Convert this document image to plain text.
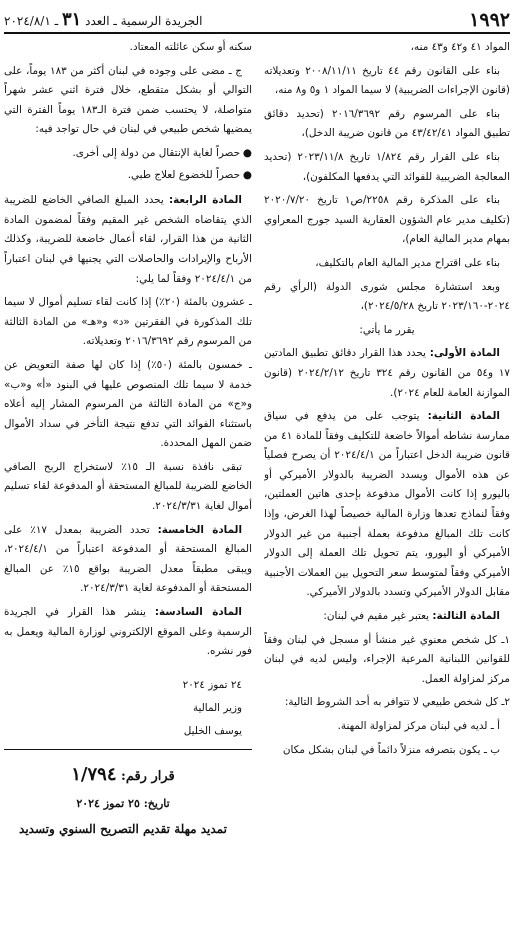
١٩٩٢
الجريدة الرسمية ـ العدد ٣١ ـ ٢٠٢٤/٨/١

المواد ٤١ و٤٢ و٤٣ منه،

بناء على القانون رقم ٤٤ تاريخ ٢٠٠٨/١١/١١ وتعديلاته (قانون الإجراءات الضريبية) لا سيما المواد ١ و٥ و٨ منه،

بناء على المرسوم رقم ٢٠١٦/٣٦٩٢ (تحديد دقائق تطبيق المواد ٤٣/٤٢/٤١ من قانون ضريبة الدخل)،

بناء على القرار رقم ١/٨٢٤ تاريخ ٢٠٢٣/١١/٨ (تحديد المعالجة الضريبية للفوائد التي يدفعها المكلفون)،

بناء على المذكرة رقم ٢٢٥٨/ص١ تاريخ ٢٠٢٠/٧/٢٠ (تكليف مدير عام الشؤون العقارية السيد جورج المعراوي بمهام مدير المالية العام)،

بناء على اقتراح مدير المالية العام بالتكليف،

وبعد استشارة مجلس شورى الدولة (الرأي رقم ٢٠٢٤-٢٠٢٣/١٦٠ تاريخ ٢٠٢٤/٥/٢٨)،

يقرر ما يأتي:

المادة الأولى: يحدد هذا القرار دقائق تطبيق المادتين ١٧ و٥٤ من القانون رقم ٣٢٤ تاريخ ٢٠٢٤/٢/١٢ (قانون الموازنة العامة للعام ٢٠٢٤).

المادة الثانية: يتوجب على من يدفع في سياق ممارسة نشاطه أموالاً خاضعة للتكليف وفقاً للمادة ٤١ من قانون ضريبة الدخل اعتباراً من ٢٠٢٤/٤/١ أن يصرح فصلياً عن هذه الأموال ويسدد الضريبة بالدولار الأميركي أو باليورو إذا كانت الأموال مدفوعة بإحدى هاتين العملتين، وفقاً لنماذج تعدها وزارة المالية خصيصاً لهذا الغرض، وإذا كانت تلك المبالغ مدفوعة بعملة أجنبية من غير الدولار الأميركي أو اليورو، يتم تحويل تلك العملة إلى الدولار الأميركي وفقاً لمتوسط سعر التحويل بين العملات الأجنبية مقابل الدولار الأميركي وتسدد بالدولار الأميركي.

المادة الثالثة: يعتبر غير مقيم في لبنان:

١ـ كل شخص معنوي غير منشأ أو مسجل في لبنان وفقاً للقوانين اللبنانية المرعية الإجراء، وليس لديه في لبنان مركز لمزاولة العمل.

٢ـ كل شخص طبيعي لا تتوافر به أحد الشروط التالية:

أ ـ لديه في لبنان مركز لمزاولة المهنة.

ب ـ يكون بتصرفه منزلاً دائماً في لبنان بشكل مكان

سكنه أو سكن عائلته المعتاد.

ج ـ مضى على وجوده في لبنان أكثر من ١٨٣ يوماً، على التوالي أو بشكل متقطع، خلال فترة اثني عشر شهراً متواصلة، لا يحتسب ضمن فترة الـ١٨٣ يوماً الفترة التي يمضيها شخص طبيعي في لبنان في حال تواجد فيه:

●
حصراً لغاية الإنتقال من دولة إلى أخرى.
●
حصراً للخضوع لعلاج طبي.

المادة الرابعة: يحدد المبلغ الصافي الخاضع للضريبة الذي يتقاضاه الشخص غير المقيم وفقاً لمضمون المادة الثانية من هذا القرار، لقاء أعمال خاضعة للضريبة، وكذلك الأرباح والإيرادات والحاصلات التي يجنيها في لبنان اعتباراً من ٢٠٢٤/٤/١ وفقاً لما يلي:

ـ عشرون بالمئة (٢٠٪) إذا كانت لقاء تسليم أموال لا سيما تلك المذكورة في الفقرتين «د» و«هـ» من المادة الثالثة من المرسوم رقم ٢٠١٦/٣٦٩٢ وتعديلاته.

ـ خمسون بالمئة (٥٠٪) إذا كان لها صفة التعويض عن خدمة لا سيما تلك المنصوص عليها في البنود «أ» و«ب» و«ج» من المادة الثالثة من المرسوم المشار إليه أعلاه باستثناء الفوائد التي تدفع نتيجة التأخر في سداد الأموال ضمن المهل المحددة.

تبقى نافذة نسبة الـ ١٥٪ لاستخراج الربح الصافي الخاضع للضريبة للمبالغ المستحقة أو المدفوعة لقاء تسليم أموال لغاية ٢٠٢٤/٣/٣١.

المادة الخامسة: تحدد الضريبة بمعدل ١٧٪ على المبالغ المستحقة أو المدفوعة اعتباراً من ٢٠٢٤/٤/١، ويبقى مطبقاً معدل الضريبة بواقع ١٥٪ عن المبالغ المستحقة أو المدفوعة لغاية ٢٠٢٤/٣/٣١.

المادة السادسة: ينشر هذا القرار في الجريدة الرسمية وعلى الموقع الإلكتروني لوزارة المالية ويعمل به فور نشره.

٢٤ تموز ٢٠٢٤

وزير المالية

يوسف الخليل

قرار رقم: ١/٧٩٤

تاريخ: ٢٥ تموز ٢٠٢٤

تمديد مهلة تقديم التصريح السنوي وتسديد
